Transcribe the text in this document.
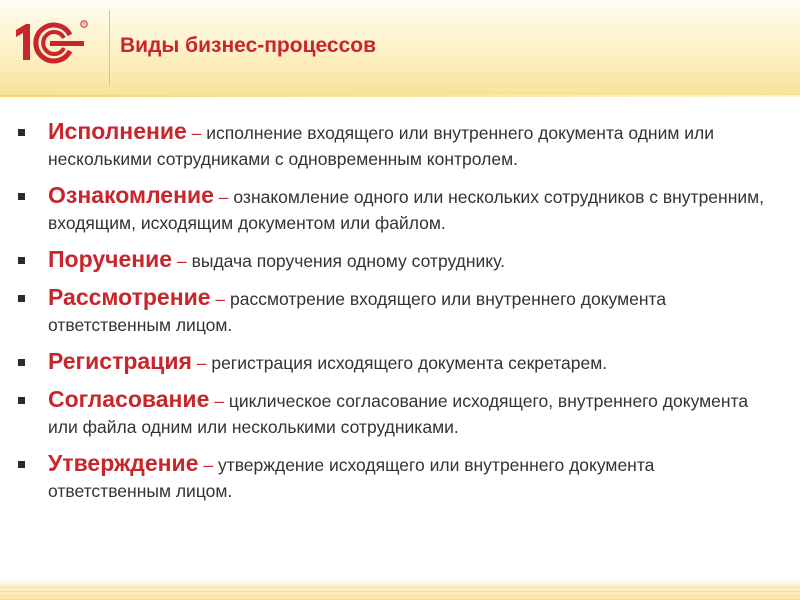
R
Виды бизнес-процессов
Исполнение – исполнение входящего или внутреннего документа одним или несколькими сотрудниками с одновременным контролем.
Ознакомление – ознакомление одного или нескольких сотрудников с внутренним, входящим, исходящим документом или файлом.
Поручение – выдача поручения одному сотруднику.
Рассмотрение – рассмотрение входящего или внутреннего документа ответственным лицом.
Регистрация – регистрация исходящего документа секретарем.
Согласование – циклическое согласование исходящего, внутреннего документа или файла одним или несколькими сотрудниками.
Утверждение – утверждение исходящего или внутреннего документа ответственным лицом.
